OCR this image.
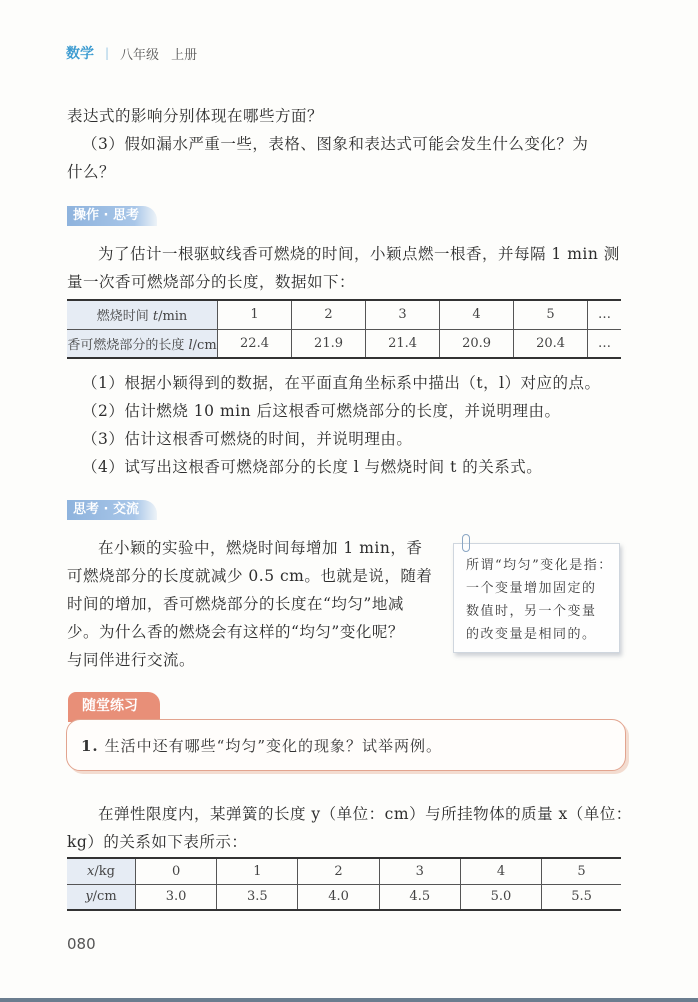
数学 | 八年级 上册
表达式的影响分别体现在哪些方面？
（3）假如漏水严重一些，表格、图象和表达式可能会发生什么变化？为
什么？
操作 · 思考
为了估计一根驱蚊线香可燃烧的时间，小颖点燃一根香，并每隔 1 min 测
量一次香可燃烧部分的长度，数据如下：
燃烧时间 t/min	1	2	3	4	5	…
香可燃烧部分的长度 l/cm	22.4	21.9	21.4	20.9	20.4	…
（1）根据小颖得到的数据，在平面直角坐标系中描出（t，l）对应的点。
（2）估计燃烧 10 min 后这根香可燃烧部分的长度，并说明理由。
（3）估计这根香可燃烧的时间，并说明理由。
（4）试写出这根香可燃烧部分的长度 l 与燃烧时间 t 的关系式。
思考 · 交流
在小颖的实验中，燃烧时间每增加 1 min，香
可燃烧部分的长度就减少 0.5 cm。也就是说，随着
时间的增加，香可燃烧部分的长度在“均匀”地减
少。为什么香的燃烧会有这样的“均匀”变化呢？
与同伴进行交流。
所谓“均匀”变化是指：
一个变量增加固定的
数值时，另一个变量
的改变量是相同的。
随堂练习
1. 生活中还有哪些“均匀”变化的现象？试举两例。
在弹性限度内，某弹簧的长度 y（单位：cm）与所挂物体的质量 x（单位：
kg）的关系如下表所示：
x/kg	0	1	2	3	4	5
y/cm	3.0	3.5	4.0	4.5	5.0	5.5
080
